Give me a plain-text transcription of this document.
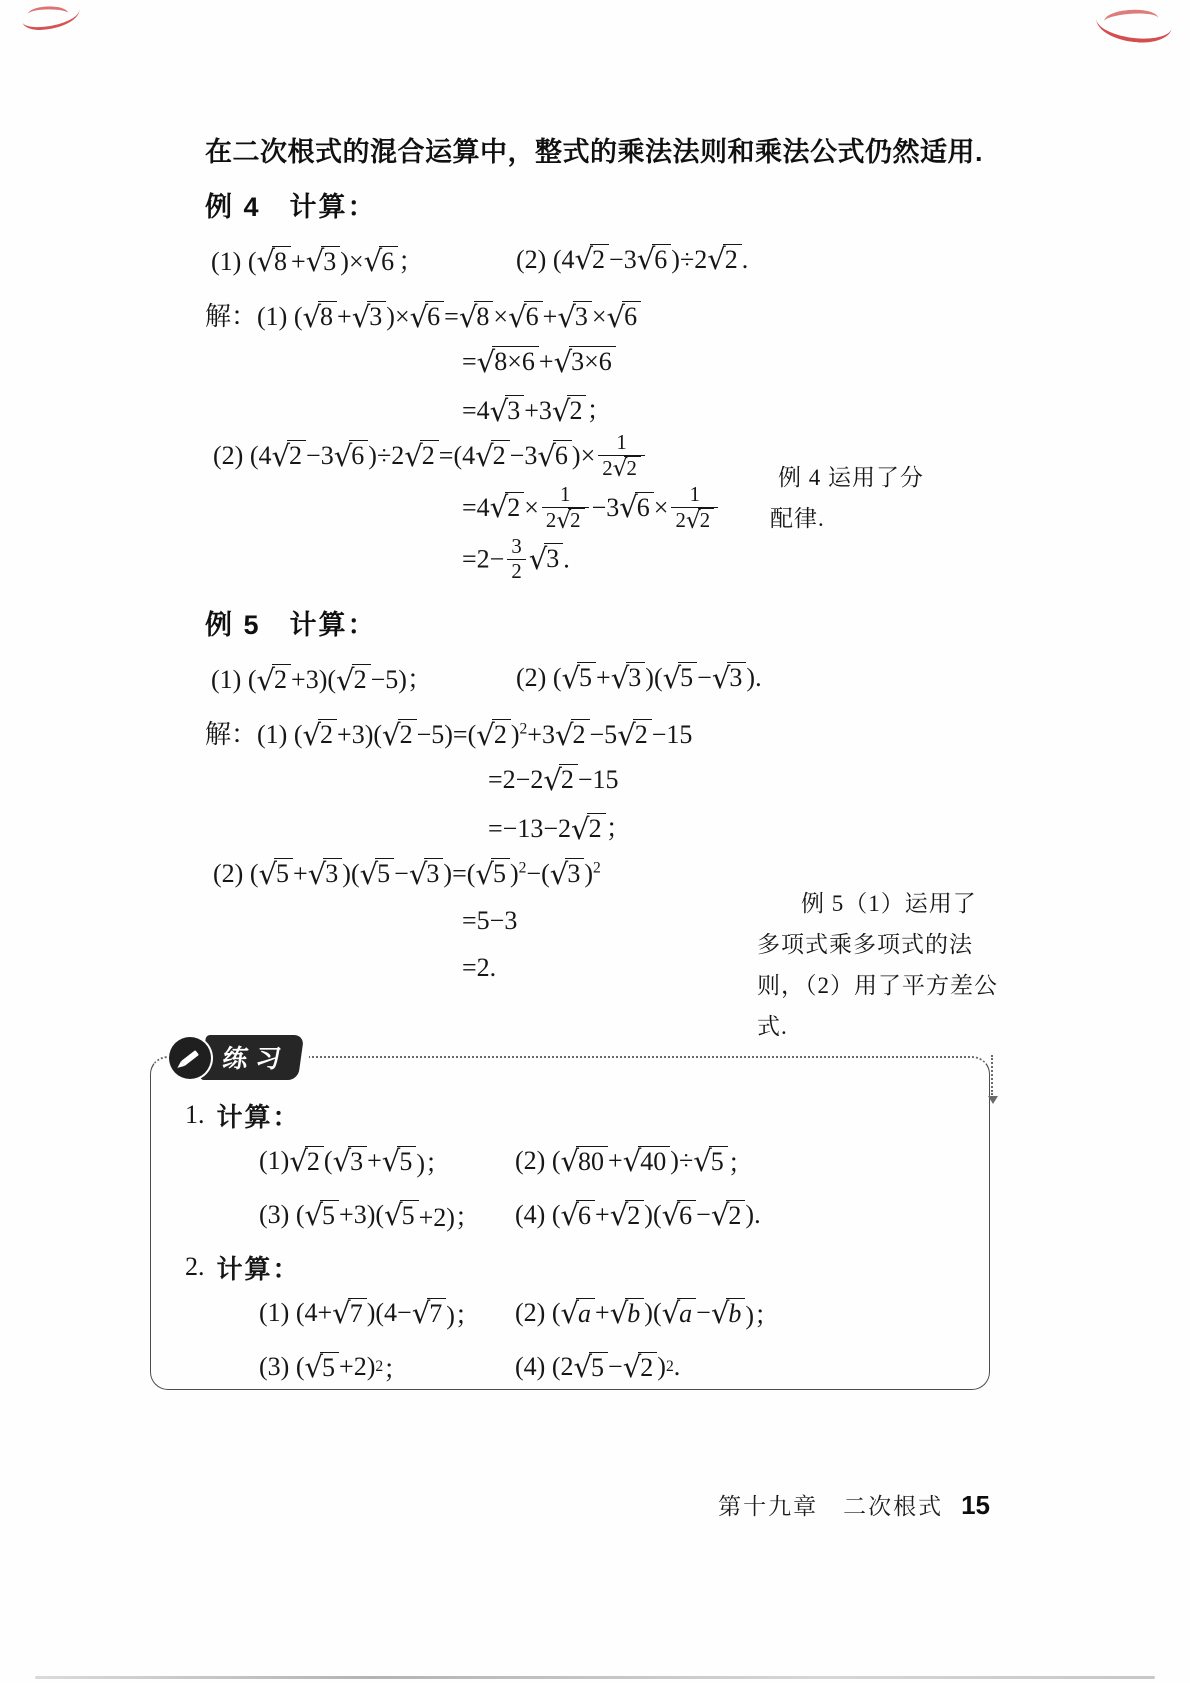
在二次根式的混合运算中，整式的乘法法则和乘法公式仍然适用.

例 4　计算：

(1) (√8 +√3 )×√6 ；	(2) (4√2 −3√6 )÷2√2 .
解：(1) (√8 +√3 )×√6 =√8 ×√6 +√3 ×√6
=√8×6 +√3×6
=4√3 +3√2 ；
(2) (4√2 −3√6 )÷2√2 =(4√2 −3√6 )× $\frac{1}{2√2}$
$=4√2 \times \frac{1}{2√2} -3√6 \times \frac{1}{2√2}$
$=2- \frac{3}{2} √3$ .

例 5　计算：

(1) (√2 +3)(√2 −5)；	(2) (√5 +√3 )(√5 −√3 ).
解：(1) (√2 +3)(√2 −5)=(√2 )$^2$+3√2 −5√2 −15
=2−2√2 −15
=−13−2√2 ；
(2) (√5 +√3 )(√5 −√3 )=(√5 )$^2$−(√3 )$^2$
=5−3
=2.
例 4 运用了分配律.
例 5（1）运用了多项式乘多项式的法则，（2）用了平方差公式.
练习
1. 计算：
(1) √2 ( √3 + √5 )；	(2) ( √80 + √40 )÷ √5 ；
(3) ( √5 +3)( √5 +2)；	(4) ( √6 + √2 )( √6 − √2 ).
2. 计算：
(1) (4+ √7 )(4− √7 )；	(2) ( √a + √b )( √a − √b )；
(3) ( √5 +2) 2 ；	(4) (2 √5 − √2 ) 2 .
第十九章　二次根式 15
